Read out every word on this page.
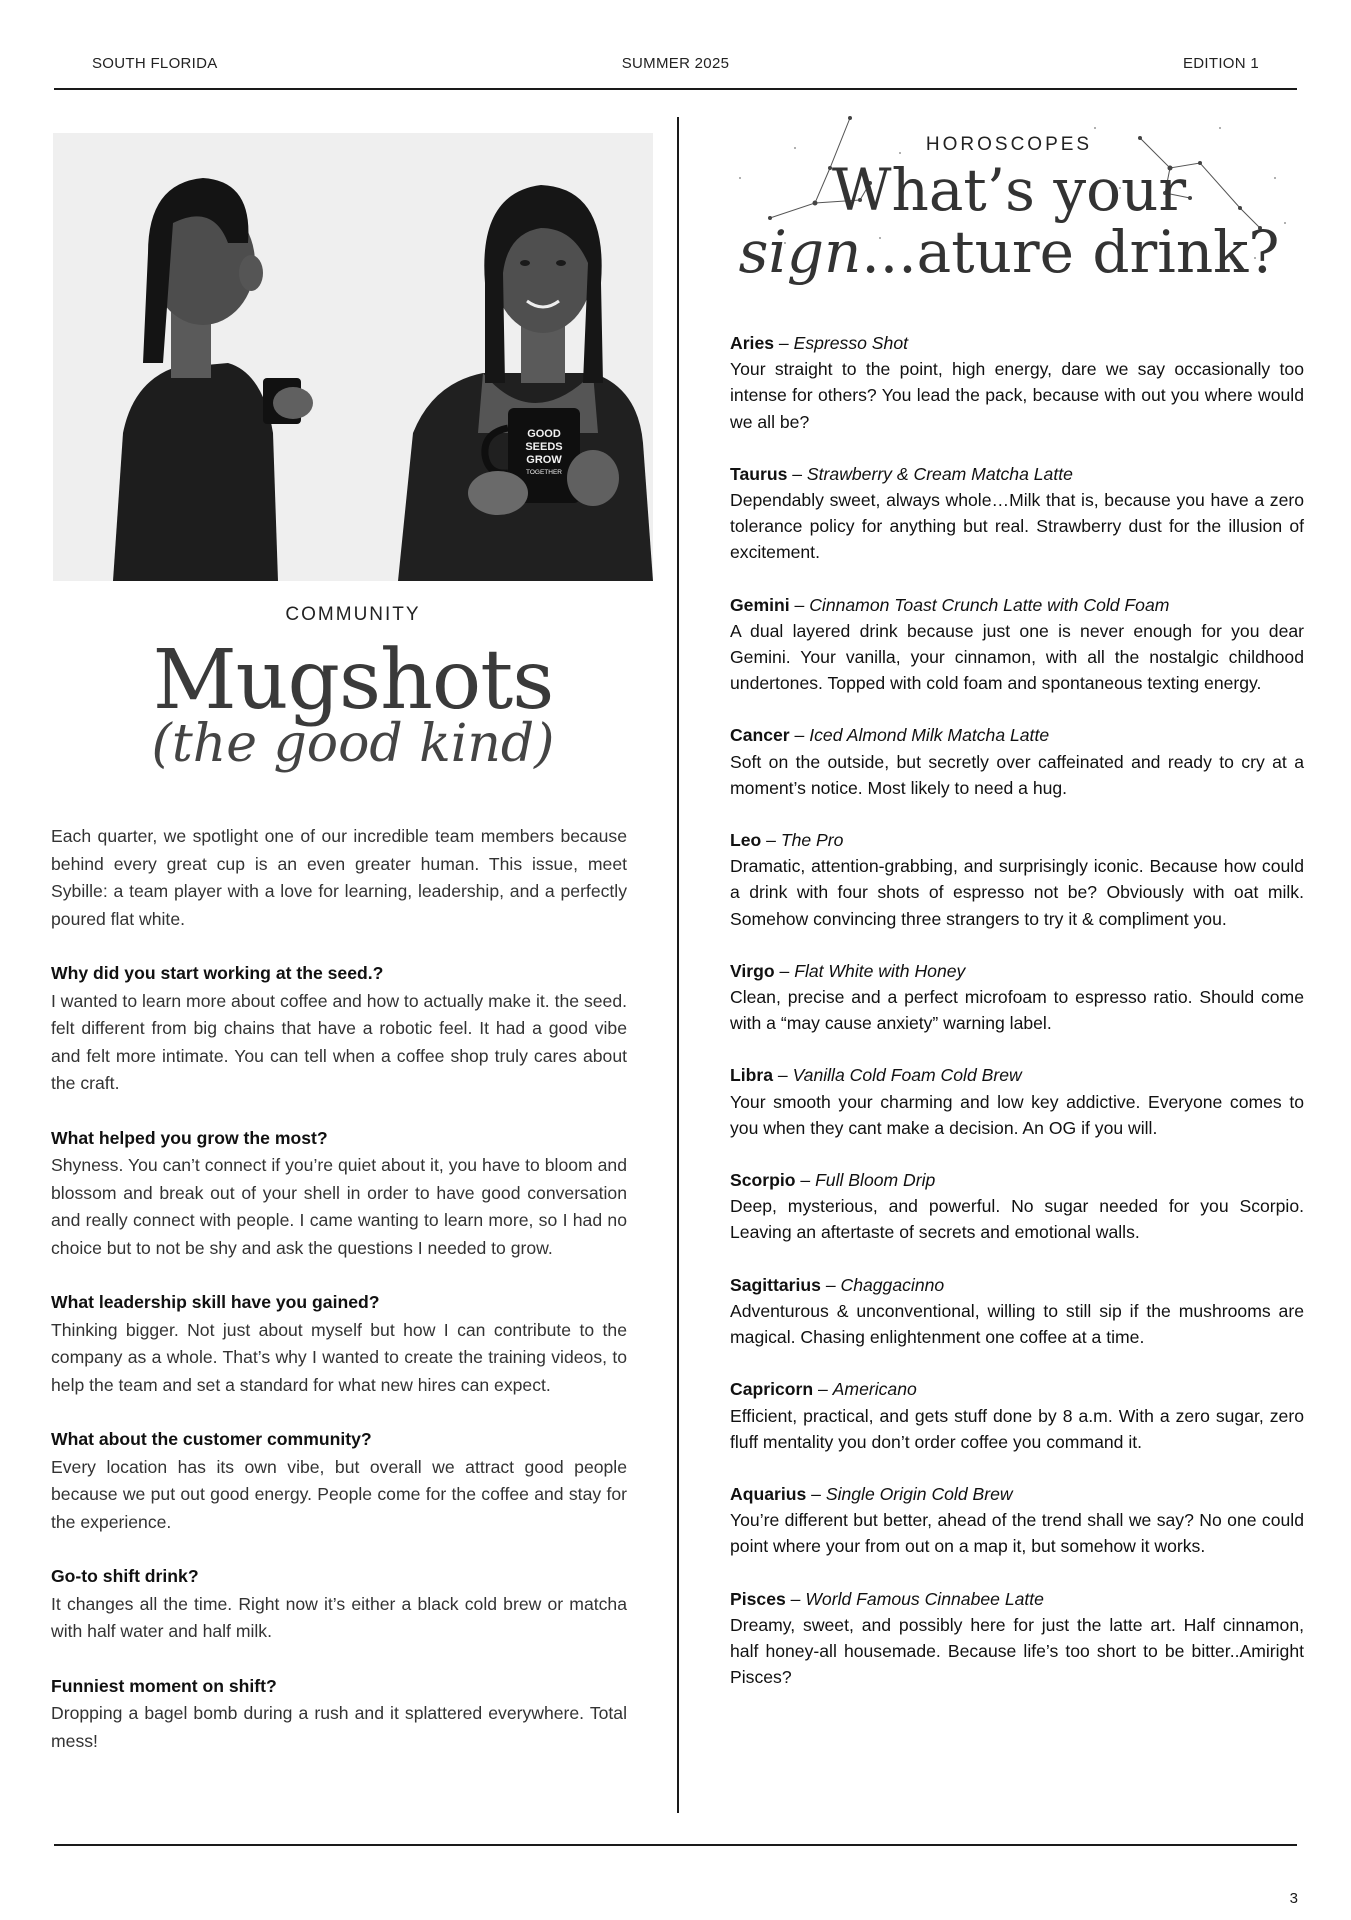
SOUTH FLORIDA	SUMMER 2025	EDITION 1
GOOD
SEEDS
GROW
TOGETHER
COMMUNITY
Mugshots
(the good kind)

Each quarter, we spotlight one of our incredible team members because behind every great cup is an even greater human. This issue, meet Sybille: a team player with a love for learning, leadership, and a perfectly poured flat white.

Why did you start working at the seed.?

I wanted to learn more about coffee and how to actually make it. the seed. felt different from big chains that have a robotic feel. It had a good vibe and felt more intimate. You can tell when a coffee shop truly cares about the craft.

What helped you grow the most?

Shyness. You can’t connect if you’re quiet about it, you have to bloom and blossom and break out of your shell in order to have good conversation and really connect with people. I came wanting to learn more, so I had no choice but to not be shy and ask the questions I needed to grow.

What leadership skill have you gained?

Thinking bigger. Not just about myself but how I can contribute to the company as a whole. That’s why I wanted to create the training videos, to help the team and set a standard for what new hires can expect.

What about the customer community?

Every location has its own vibe, but overall we attract good people because we put out good energy. People come for the coffee and stay for the experience.

Go-to shift drink?

It changes all the time. Right now it’s either a black cold brew or matcha with half water and half milk.

Funniest moment on shift?

Dropping a bagel bomb during a rush and it splattered everywhere. Total mess!

HOROSCOPES
What’s your
sign...ature drink?
Aries – Espresso Shot
Your straight to the point, high energy, dare we say occasionally too intense for others? You lead the pack, because with out you where would we all be?
Taurus – Strawberry & Cream Matcha Latte
Dependably sweet, always whole…Milk that is, because you have a zero tolerance policy for anything but real. Strawberry dust for the illusion of excitement.
Gemini – Cinnamon Toast Crunch Latte with Cold Foam
A dual layered drink because just one is never enough for you dear Gemini. Your vanilla, your cinnamon, with all the nostalgic childhood undertones. Topped with cold foam and spontaneous texting energy.
Cancer – Iced Almond Milk Matcha Latte
Soft on the outside, but secretly over caffeinated and ready to cry at a moment’s notice. Most likely to need a hug.
Leo – The Pro
Dramatic, attention-grabbing, and surprisingly iconic. Because how could a drink with four shots of espresso not be? Obviously with oat milk. Somehow convincing three strangers to try it & compliment you.
Virgo – Flat White with Honey
Clean, precise and a perfect microfoam to espresso ratio. Should come with a “may cause anxiety” warning label.
Libra – Vanilla Cold Foam Cold Brew
Your smooth your charming and low key addictive. Everyone comes to you when they cant make a decision. An OG if you will.
Scorpio – Full Bloom Drip
Deep, mysterious, and powerful. No sugar needed for you Scorpio. Leaving an aftertaste of secrets and emotional walls.
Sagittarius – Chaggacinno
Adventurous & unconventional, willing to still sip if the mushrooms are magical. Chasing enlightenment one coffee at a time.
Capricorn – Americano
Efficient, practical, and gets stuff done by 8 a.m. With a zero sugar, zero fluff mentality you don’t order coffee you command it.
Aquarius – Single Origin Cold Brew
You’re different but better, ahead of the trend shall we say? No one could point where your from out on a map it, but somehow it works.
Pisces – World Famous Cinnabee Latte
Dreamy, sweet, and possibly here for just the latte art. Half cinnamon, half honey-all housemade. Because life’s too short to be bitter..Amiright Pisces?
3
